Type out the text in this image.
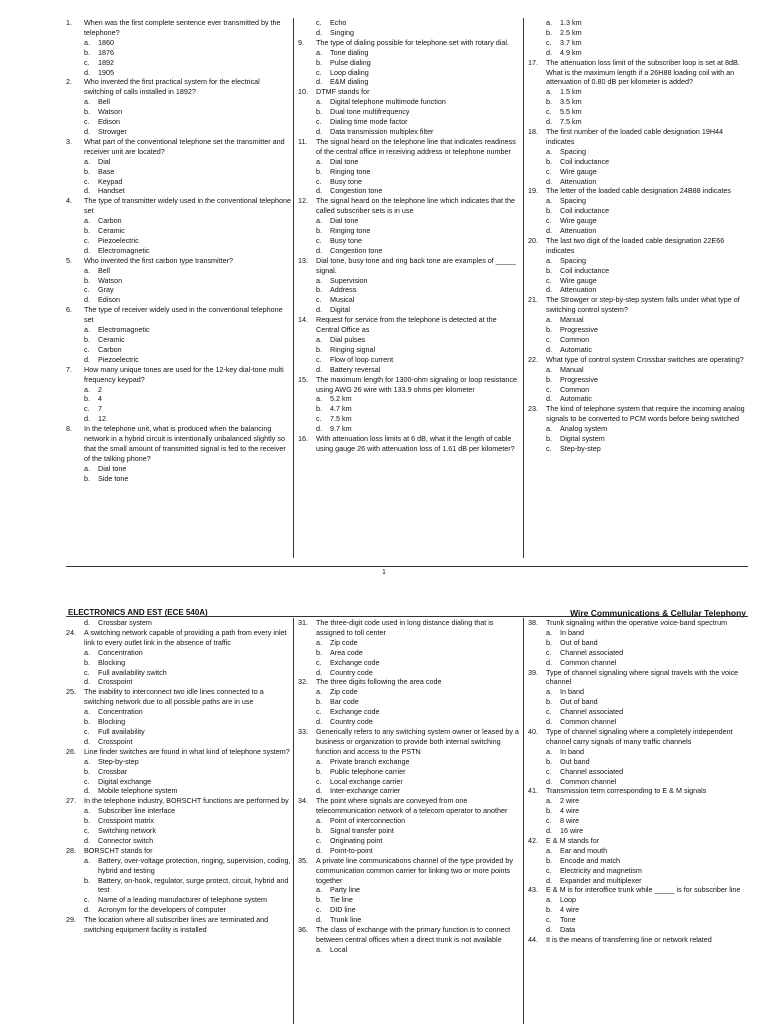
1.	When was the first complete sentence ever transmitted by the telephone?
a. 1860
b. 1876
c. 1892
d. 1905
2.	Who invented the first practical system for the electrical switching of calls installed in 1892?
a. Bell
b. Watson
c. Edison
d. Strowger
3.	What part of the conventional telephone set the transmitter and receiver unit are located?
a. Dial
b. Base
c. Keypad
d. Handset
4.	The type of transmitter widely used in the conventional telephone set
a. Carbon
b. Ceramic
c. Piezoelectric
d. Electromagnetic
5.	Who invented the first carbon type transmitter?
a. Bell
b. Watson
c. Gray
d. Edison
6.	The type of receiver widely used in the conventional telephone set
a. Electromagnetic
b. Ceramic
c. Carbon
d. Piezoelectric
7.	How many unique tones are used for the 12-key dial-tone multi frequency keypad?
a. 2
b. 4
c. 7
d. 12
8.	In the telephone unit, what is produced when the balancing network in a hybrid circuit is intentionally unbalanced slightly so that the small amount of transmitted signal is fed to the receiver of the talking phone?
a. Dial tone
b. Side tone
c. Echo
d. Singing
9.	The type of dialing possible for telephone set with rotary dial.
a. Tone dialing
b. Pulse dialing
c. Loop dialing
d. E&M dialing
10.	DTMF stands for
a. Digital telephone multimode function
b. Dual tone multifrequency
c. Dialing time mode factor
d. Data transmission multiplex filter
11.	The signal heard on the telephone line that indicates readiness of the central office in receiving address or telephone number
a. Dial tone
b. Ringing tone
c. Busy tone
d. Congestion tone
12.	The signal heard on the telephone line which indicates that the called subscriber sets is in use
a. Dial tone
b. Ringing tone
c. Busy tone
d. Congestion tone
13.	Dial tone, busy tone and ring back tone are examples of _____ signal.
a. Supervision
b. Address
c. Musical
d. Digital
14.	Request for service from the telephone is detected at the Central Office as
a. Dial pulses
b. Ringing signal
c. Flow of loop current
d. Battery reversal
15.	The maximum length for 1300-ohm signaling or loop resistance using AWG 26 wire with 133.9 ohms per kilometer
a. 5.2 km
b. 4.7 km
c. 7.5 km
d. 9.7 km
16.	With attenuation loss limits at 6 dB, what it the length of cable using gauge 26 with attenuation loss of 1.61 dB per kilometer?
a. 1.3 km
b. 2.5 km
c. 3.7 km
d. 4.9 km
17.	The attenuation loss limit of the subscriber loop is set at 8dB. What is the maximum length if a 26H88 loading coil with an attenuation of 0.80 dB per kilometer is added?
a. 1.5 km
b. 3.5 km
c. 5.5 km
d. 7.5 km
18.	The first number of the loaded cable designation 19H44 indicates
a. Spacing
b. Coil inductance
c. Wire gauge
d. Attenuation
19.	The letter of the loaded cable designation 24B88 indicates
a. Spacing
b. Coil inductance
c. Wire gauge
d. Attenuation
20.	The last two digit of the loaded cable designation 22E66 indicates
a. Spacing
b. Coil inductance
c. Wire gauge
d. Attenuation
21.	The Strowger or step-by-step system falls under what type of switching control system?
a. Manual
b. Progressive
c. Common
d. Automatic
22.	What type of control system Crossbar switches are operating?
a. Manual
b. Progressive
c. Common
d. Automatic
23.	The kind of telephone system that require the incoming analog signals to be converted to PCM words before being switched
a. Analog system
b. Digital system
c. Step-by-step
1
ELECTRONICS AND EST (ECE 540A)	Wire Communications & Cellular Telephony
d. Crossbar system
24.	A switching network capable of providing a path from every inlet link to every outlet link in the absence of traffic
a. Concentration
b. Blocking
c. Full availability switch
d. Crosspoint
25.	The inability to interconnect two idle lines connected to a switching network due to all possible paths are in use
a. Concentration
b. Blocking
c. Full availability
d. Crosspoint
26.	Line finder switches are found in what kind of telephone system?
a. Step-by-step
b. Crossbar
c. Digital exchange
d. Mobile telephone system
27.	In the telephone industry, BORSCHT functions are performed by
a. Subscriber line interface
b. Crosspoint matrix
c. Switching network
d. Connector switch
28.	BORSCHT stands for
a. Battery, over-voltage protection, ringing, supervision, coding, hybrid and testing
b. Battery, on-hook, regulator, surge protect, circuit, hybrid and test
c. Name of a leading manufacturer of telephone system
d. Acronym for the developers of computer
29.	The location where all subscriber lines are terminated and switching equipment facility is installed
31.	The three-digit code used in long distance dialing that is assigned to toll center
a. Zip code
b. Area code
c. Exchange code
d. Country code
32.	The three digits following the area code
a. Zip code
b. Bar code
c. Exchange code
d. Country code
33.	Generically refers to any switching system owner or leased by a business or organization to provide both internal switching function and access to the PSTN
a. Private branch exchange
b. Public telephone carrier
c. Local exchange carrier
d. Inter-exchange carrier
34.	The point where signals are conveyed from one telecommunication network of a telecom operator to another
a. Point of interconnection
b. Signal transfer point
c. Originating point
d. Point-to-point
35.	A private line communications channel of the type provided by communication common carrier for linking two or more points together
a. Party line
b. Tie line
c. DID line
d. Trunk line
36.	The class of exchange with the primary function is to connect between central offices when a direct trunk is not available
a. Local
38.	Trunk signaling within the operative voice-band spectrum
a. In band
b. Out of band
c. Channel associated
d. Common channel
39.	Type of channel signaling where signal travels with the voice channel
a. In band
b. Out of band
c. Channel associated
d. Common channel
40.	Type of channel signaling where a completely independent channel carry signals of many traffic channels
a. In band
b. Out band
c. Channel associated
d. Common channel
41.	Transmission term corresponding to E & M signals
a. 2 wire
b. 4 wire
c. 8 wire
d. 16 wire
42.	E & M stands for
a. Ear and mouth
b. Encode and match
c. Electricity and magnetism
d. Expander and multiplexer
43.	E & M is for interoffice trunk while _____ is for subscriber line
a. Loop
b. 4 wire
c. Tone
d. Data
44.	It is the means of transferring line or network related
